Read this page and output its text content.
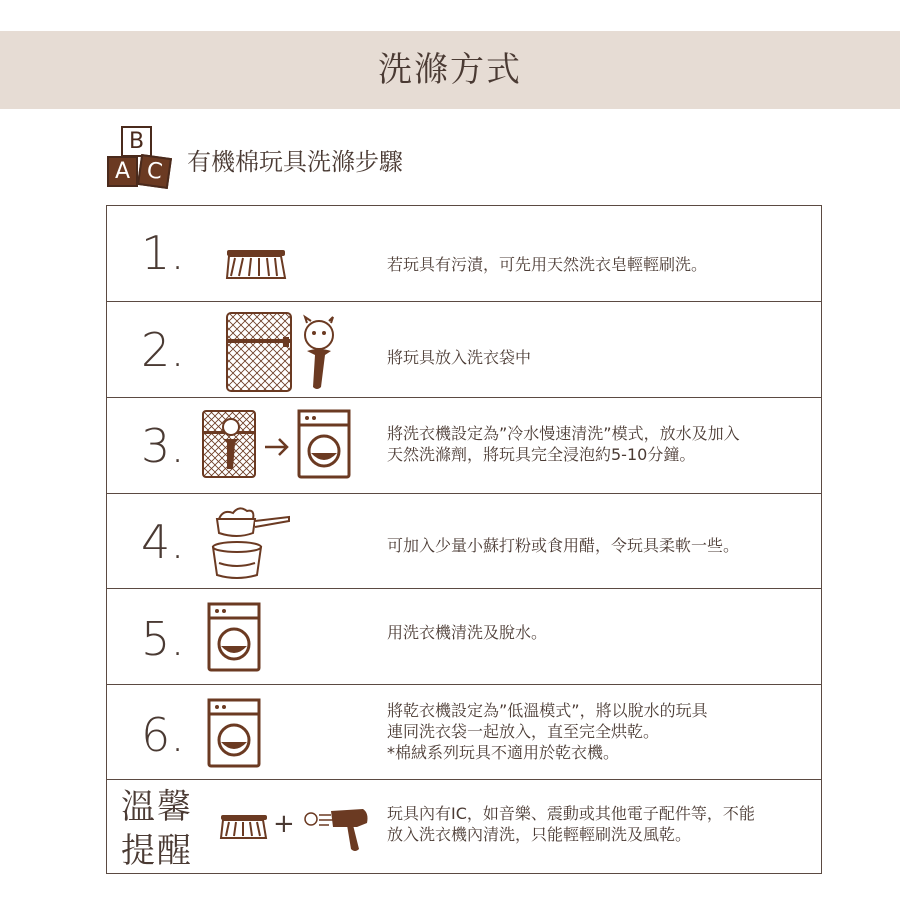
洗滌方式
B
A C 有機棉玩具洗滌步驟
1.	若玩具有污漬，可先用天然洗衣皂輕輕刷洗。
2.	將玩具放入洗衣袋中
3.	將洗衣機設定為”冷水慢速清洗”模式，放水及加入
天然洗滌劑，將玩具完全浸泡約5-10分鐘。
4.	可加入少量小蘇打粉或食用醋，令玩具柔軟一些。
5.	用洗衣機清洗及脫水。
6.	將乾衣機設定為”低溫模式”，將以脫水的玩具
連同洗衣袋一起放入，直至完全烘乾。
*棉絨系列玩具不適用於乾衣機。
溫馨
提醒
+	玩具內有IC，如音樂、震動或其他電子配件等，不能
放入洗衣機內清洗，只能輕輕刷洗及風乾。
